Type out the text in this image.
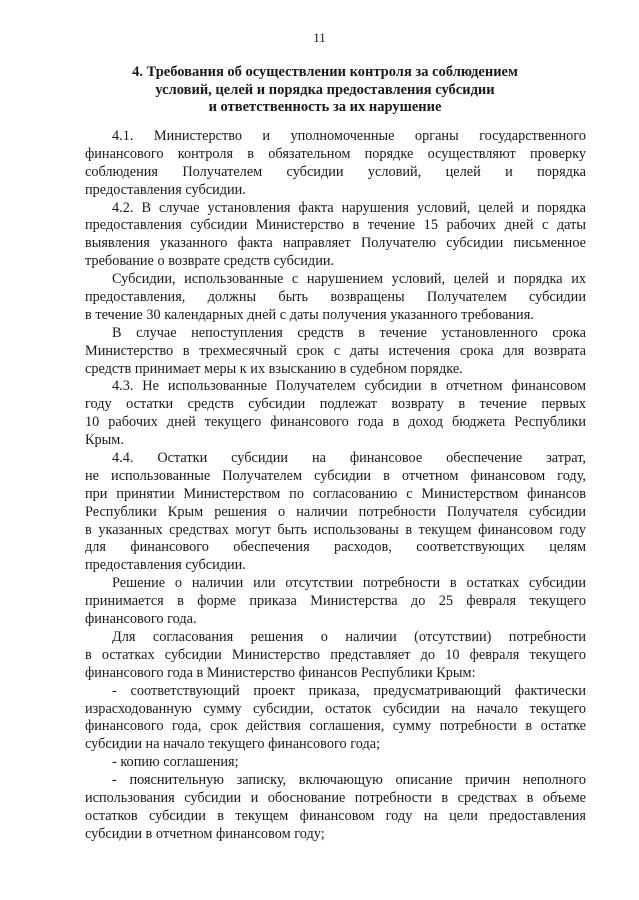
11
4. Требования об осуществлении контроля за соблюдением
условий, целей и порядка предоставления субсидии
и ответственность за их нарушение
4.1. Министерство и уполномоченные органы государственного
финансового контроля в обязательном порядке осуществляют проверку
соблюдения Получателем субсидии условий, целей и порядка
предоставления субсидии.
4.2. В случае установления факта нарушения условий, целей и порядка
предоставления субсидии Министерство в течение 15 рабочих дней с даты
выявления указанного факта направляет Получателю субсидии письменное
требование о возврате средств субсидии.
Субсидии, использованные с нарушением условий, целей и порядка их
предоставления, должны быть возвращены Получателем субсидии
в течение 30 календарных дней с даты получения указанного требования.
В случае непоступления средств в течение установленного срока
Министерство в трехмесячный срок с даты истечения срока для возврата
средств принимает меры к их взысканию в судебном порядке.
4.3. Не использованные Получателем субсидии в отчетном финансовом
году остатки средств субсидии подлежат возврату в течение первых
10 рабочих дней текущего финансового года в доход бюджета Республики
Крым.
4.4. Остатки субсидии на финансовое обеспечение затрат,
не использованные Получателем субсидии в отчетном финансовом году,
при принятии Министерством по согласованию с Министерством финансов
Республики Крым решения о наличии потребности Получателя субсидии
в указанных средствах могут быть использованы в текущем финансовом году
для финансового обеспечения расходов, соответствующих целям
предоставления субсидии.
Решение о наличии или отсутствии потребности в остатках субсидии
принимается в форме приказа Министерства до 25 февраля текущего
финансового года.
Для согласования решения о наличии (отсутствии) потребности
в остатках субсидии Министерство представляет до 10 февраля текущего
финансового года в Министерство финансов Республики Крым:
- соответствующий проект приказа, предусматривающий фактически
израсходованную сумму субсидии, остаток субсидии на начало текущего
финансового года, срок действия соглашения, сумму потребности в остатке
субсидии на начало текущего финансового года;
- копию соглашения;
- пояснительную записку, включающую описание причин неполного
использования субсидии и обоснование потребности в средствах в объеме
остатков субсидии в текущем финансовом году на цели предоставления
субсидии в отчетном финансовом году;
